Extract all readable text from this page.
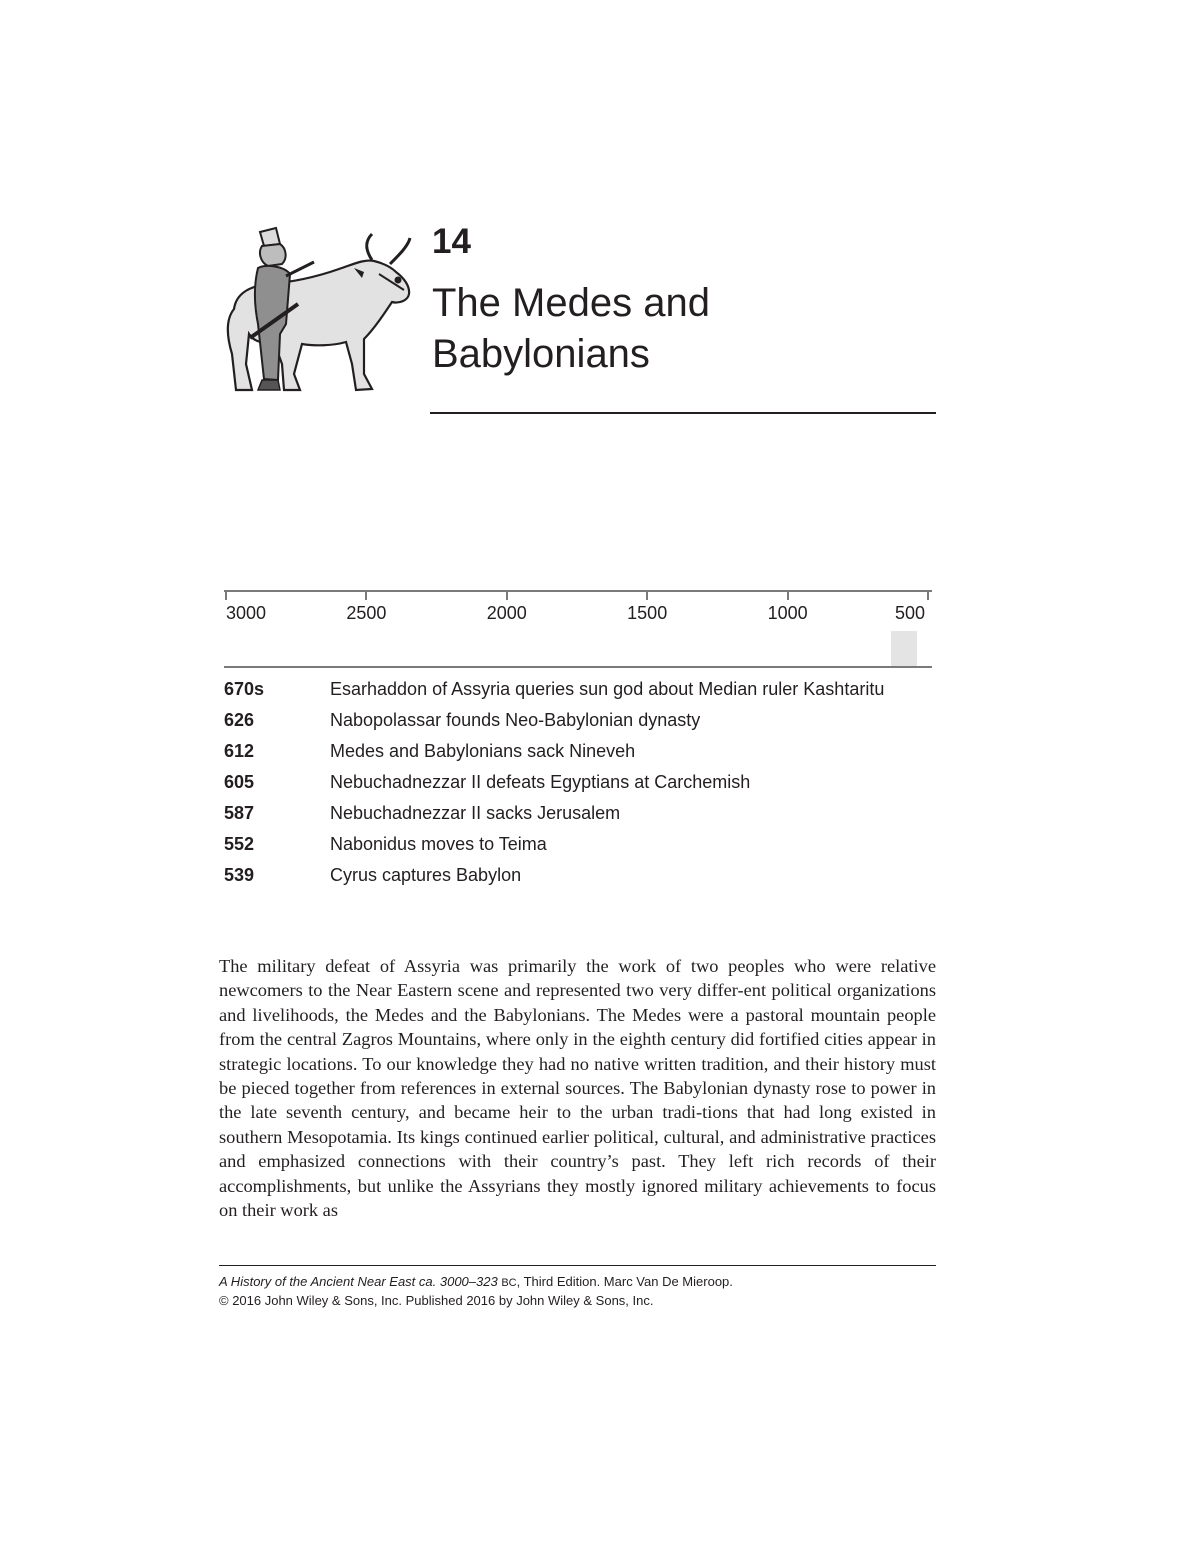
14
The Medes and
Babylonians
3000	2500	2000	1500	1000	500
670s	Esarhaddon of Assyria queries sun god about Median ruler Kashtaritu
626	Nabopolassar founds Neo-Babylonian dynasty
612	Medes and Babylonians sack Nineveh
605	Nebuchadnezzar II defeats Egyptians at Carchemish
587	Nebuchadnezzar II sacks Jerusalem
552	Nabonidus moves to Teima
539	Cyrus captures Babylon

The military defeat of Assyria was primarily the work of two peoples who were relative newcomers to the Near Eastern scene and represented two very differ-ent political organizations and livelihoods, the Medes and the Babylonians. The Medes were a pastoral mountain people from the central Zagros Mountains, where only in the eighth century did fortified cities appear in strategic locations. To our knowledge they had no native written tradition, and their history must be pieced together from references in external sources. The Babylonian dynasty rose to power in the late seventh century, and became heir to the urban tradi-tions that had long existed in southern Mesopotamia. Its kings continued earlier political, cultural, and administrative practices and emphasized connections with their country’s past. They left rich records of their accomplishments, but unlike the Assyrians they mostly ignored military achievements to focus on their work as

A History of the Ancient Near East ca. 3000–323 BC, Third Edition. Marc Van De Mieroop.
© 2016 John Wiley & Sons, Inc. Published 2016 by John Wiley & Sons, Inc.
